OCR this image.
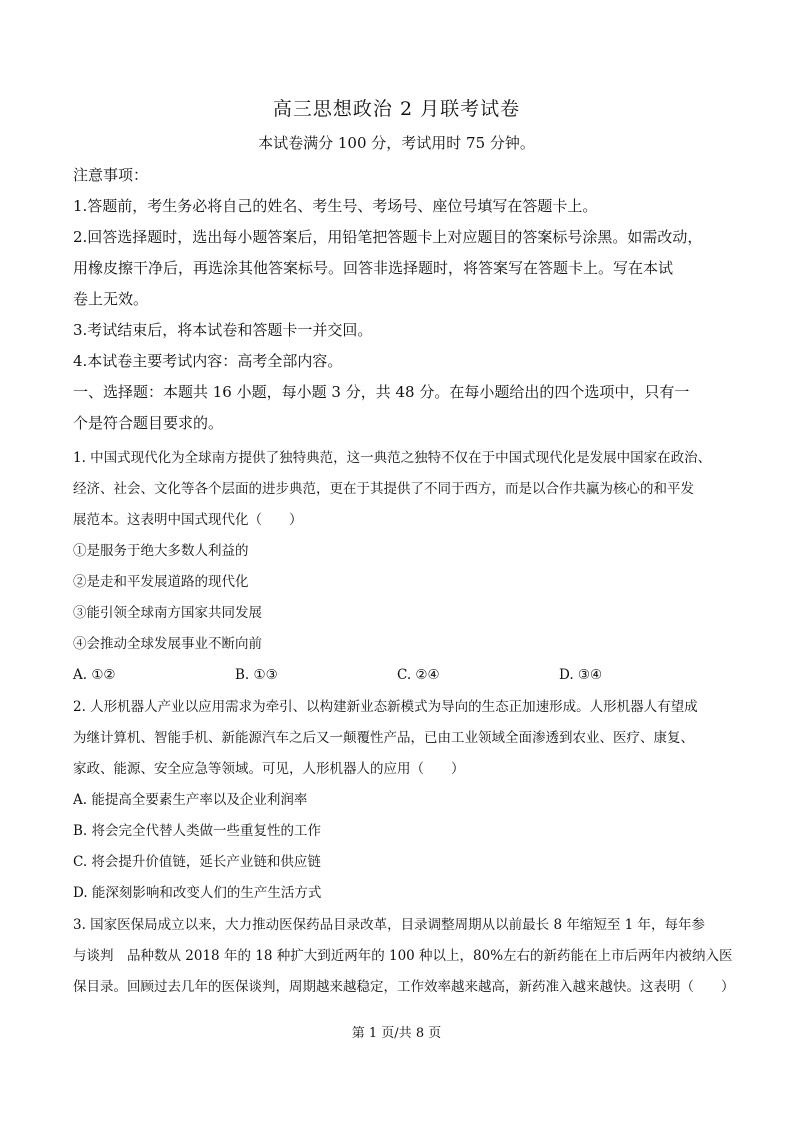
高三思想政治 2 月联考试卷
本试卷满分 100 分，考试用时 75 分钟。
注意事项：
1.答题前，考生务必将自己的姓名、考生号、考场号、座位号填写在答题卡上。
2.回答选择题时，选出每小题答案后，用铅笔把答题卡上对应题目的答案标号涂黑。如需改动，
用橡皮擦干净后，再选涂其他答案标号。回答非选择题时，将答案写在答题卡上。写在本试
卷上无效。
3.考试结束后，将本试卷和答题卡一并交回。
4.本试卷主要考试内容：高考全部内容。
一、选择题：本题共 16 小题，每小题 3 分，共 48 分。在每小题给出的四个选项中，只有一
个是符合题目要求的。
1. 中国式现代化为全球南方提供了独特典范，这一典范之独特不仅在于中国式现代化是发展中国家在政治、
经济、社会、文化等各个层面的进步典范，更在于其提供了不同于西方，而是以合作共赢为核心的和平发
展范本。这表明中国式现代化（　　）
①是服务于绝大多数人利益的
②是走和平发展道路的现代化
③能引领全球南方国家共同发展
④会推动全球发展事业不断向前
A. ①②	B. ①③	C. ②④	D. ③④
2. 人形机器人产业以应用需求为牵引、以构建新业态新模式为导向的生态正加速形成。人形机器人有望成
为继计算机、智能手机、新能源汽车之后又一颠覆性产品，已由工业领域全面渗透到农业、医疗、康复、
家政、能源、安全应急等领域。可见，人形机器人的应用（　　）
A. 能提高全要素生产率以及企业利润率
B. 将会完全代替人类做一些重复性的工作
C. 将会提升价值链，延长产业链和供应链
D. 能深刻影响和改变人们的生产生活方式
3. 国家医保局成立以来，大力推动医保药品目录改革，目录调整周期从以前最长 8 年缩短至 1 年，每年参
与谈判　品种数从 2018 年的 18 种扩大到近两年的 100 种以上，80%左右的新药能在上市后两年内被纳入医
保目录。回顾过去几年的医保谈判，周期越来越稳定，工作效率越来越高，新药准入越来越快。这表明（　　）
第 1 页/共 8 页
